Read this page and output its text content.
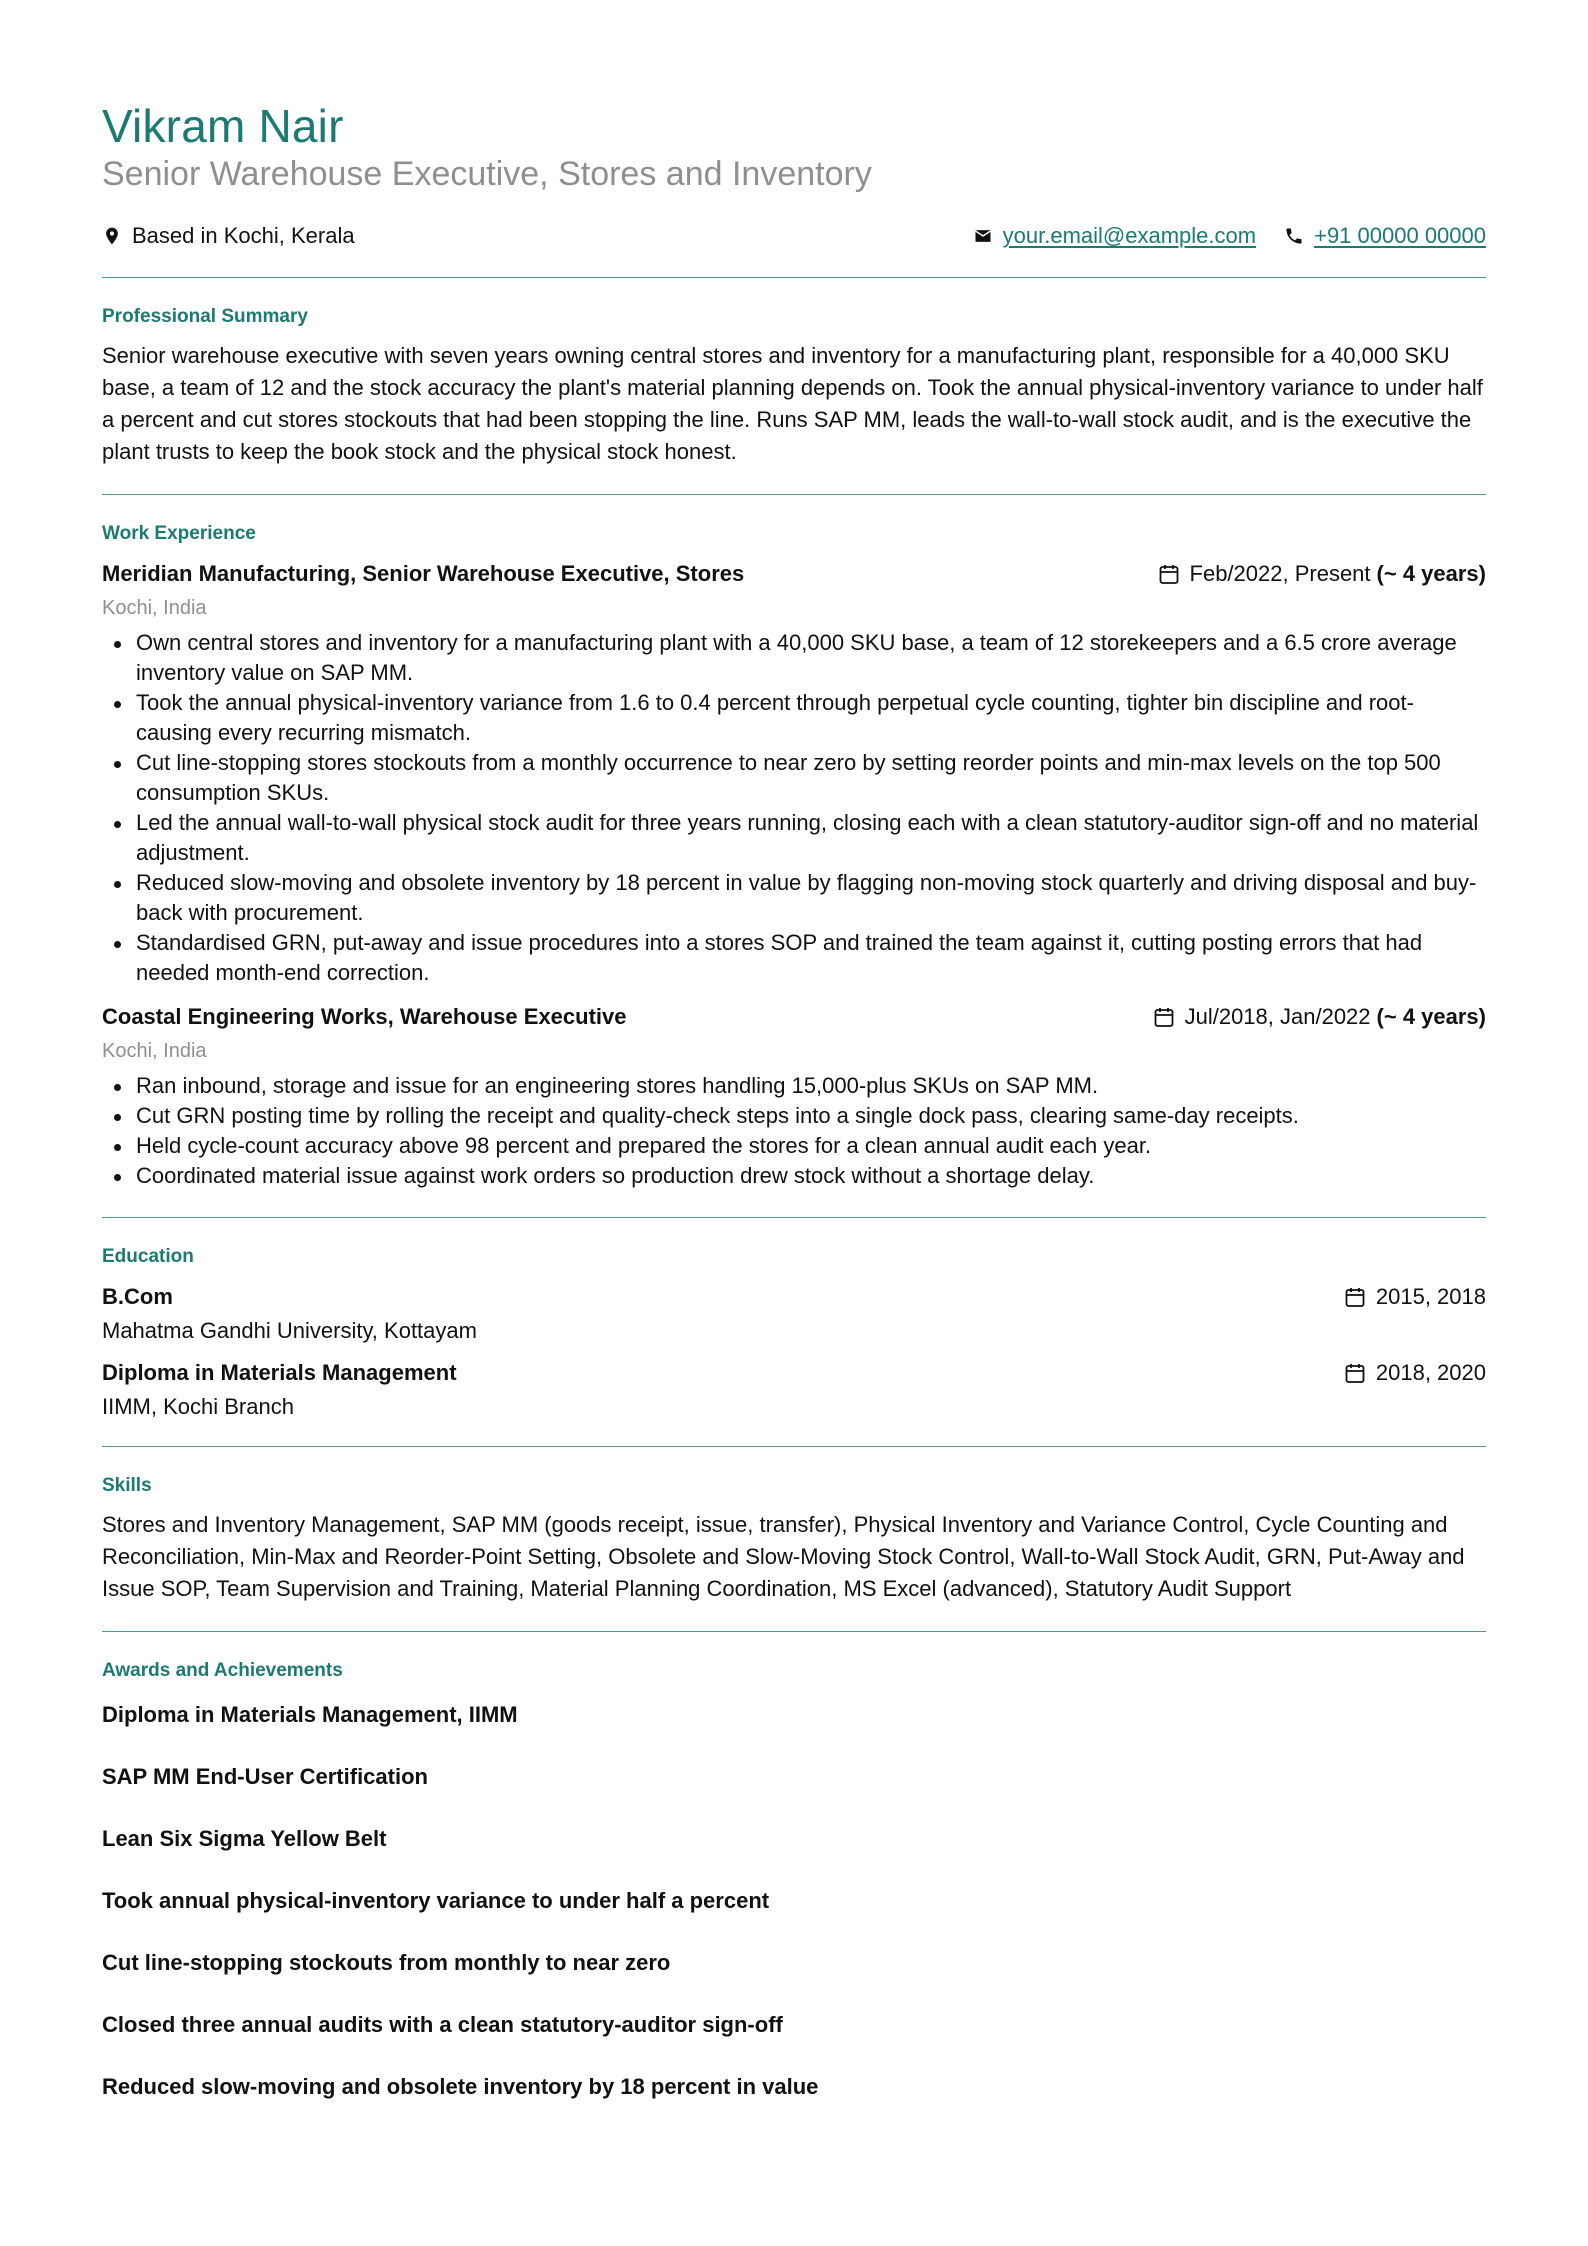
Vikram Nair
Senior Warehouse Executive, Stores and Inventory
Based in Kochi, Kerala	your.email@example.com	+91 00000 00000
Professional Summary

Senior warehouse executive with seven years owning central stores and inventory for a manufacturing plant, responsible for a 40,000 SKU base, a team of 12 and the stock accuracy the plant's material planning depends on. Took the annual physical-inventory variance to under half a percent and cut stores stockouts that had been stopping the line. Runs SAP MM, leads the wall-to-wall stock audit, and is the executive the plant trusts to keep the book stock and the physical stock honest.

Work Experience
Meridian Manufacturing, Senior Warehouse Executive, Stores	Feb/2022, Present (~ 4 years)
Kochi, India
Own central stores and inventory for a manufacturing plant with a 40,000 SKU base, a team of 12 storekeepers and a 6.5 crore average inventory value on SAP MM.
Took the annual physical-inventory variance from 1.6 to 0.4 percent through perpetual cycle counting, tighter bin discipline and root-causing every recurring mismatch.
Cut line-stopping stores stockouts from a monthly occurrence to near zero by setting reorder points and min-max levels on the top 500 consumption SKUs.
Led the annual wall-to-wall physical stock audit for three years running, closing each with a clean statutory-auditor sign-off and no material adjustment.
Reduced slow-moving and obsolete inventory by 18 percent in value by flagging non-moving stock quarterly and driving disposal and buy-back with procurement.
Standardised GRN, put-away and issue procedures into a stores SOP and trained the team against it, cutting posting errors that had needed month-end correction.
Coastal Engineering Works, Warehouse Executive	Jul/2018, Jan/2022 (~ 4 years)
Kochi, India
Ran inbound, storage and issue for an engineering stores handling 15,000-plus SKUs on SAP MM.
Cut GRN posting time by rolling the receipt and quality-check steps into a single dock pass, clearing same-day receipts.
Held cycle-count accuracy above 98 percent and prepared the stores for a clean annual audit each year.
Coordinated material issue against work orders so production drew stock without a shortage delay.
Education
B.Com	2015, 2018
Mahatma Gandhi University, Kottayam
Diploma in Materials Management	2018, 2020
IIMM, Kochi Branch
Skills

Stores and Inventory Management, SAP MM (goods receipt, issue, transfer), Physical Inventory and Variance Control, Cycle Counting and Reconciliation, Min-Max and Reorder-Point Setting, Obsolete and Slow-Moving Stock Control, Wall-to-Wall Stock Audit, GRN, Put-Away and Issue SOP, Team Supervision and Training, Material Planning Coordination, MS Excel (advanced), Statutory Audit Support

Awards and Achievements
Diploma in Materials Management, IIMM
SAP MM End-User Certification
Lean Six Sigma Yellow Belt
Took annual physical-inventory variance to under half a percent
Cut line-stopping stockouts from monthly to near zero
Closed three annual audits with a clean statutory-auditor sign-off
Reduced slow-moving and obsolete inventory by 18 percent in value
